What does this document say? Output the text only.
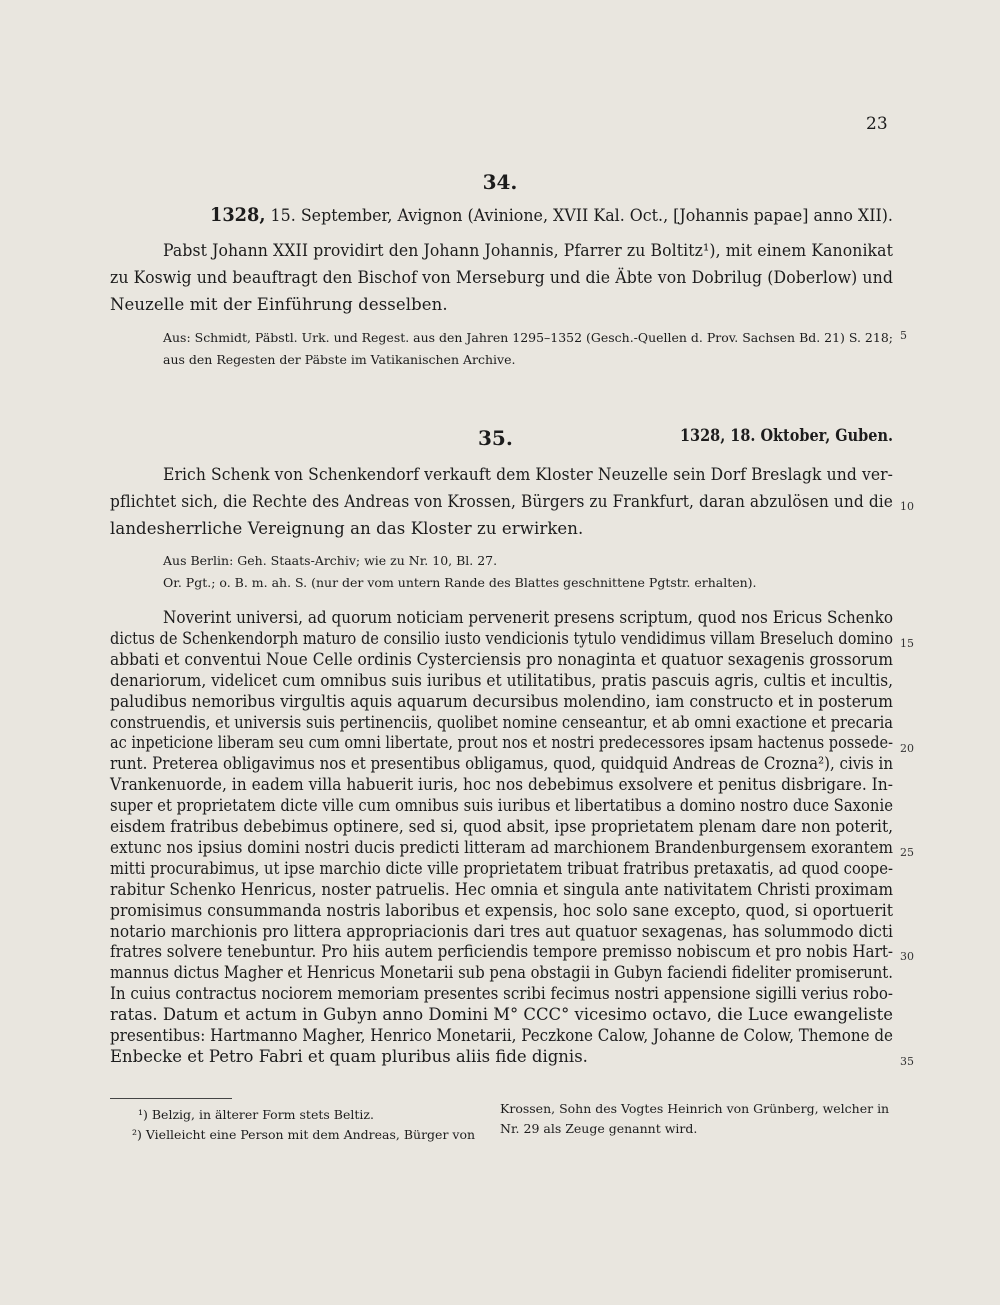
23
34.
1328, 15. September, Avignon (Avinione, XVII Kal. Oct., [Johannis papae] anno XII).
Pabst Johann XXII providirt den Johann Johannis, Pfarrer zu Boltitz¹), mit einem Kanonikat
zu Koswig und beauftragt den Bischof von Merseburg und die Äbte von Dobrilug (Doberlow) und
Neuzelle mit der Einführung desselben.
5
Aus: Schmidt, Päbstl. Urk. und Regest. aus den Jahren 1295–1352 (Gesch.-Quellen d. Prov. Sachsen Bd. 21) S. 218;
aus den Regesten der Päbste im Vatikanischen Archive.
35.	1328, 18. Oktober, Guben.
Erich Schenk von Schenkendorf verkauft dem Kloster Neuzelle sein Dorf Breslagk und ver-
pflichtet sich, die Rechte des Andreas von Krossen, Bürgers zu Frankfurt, daran abzulösen und die
landesherrliche Vereignung an das Kloster zu erwirken.
10
Aus Berlin: Geh. Staats-Archiv; wie zu Nr. 10, Bl. 27.
Or. Pgt.; o. B. m. ah. S. (nur der vom untern Rande des Blattes geschnittene Pgtstr. erhalten).
Noverint universi, ad quorum noticiam pervenerit presens scriptum, quod nos Ericus Schenko
dictus de Schenkendorph maturo de consilio iusto vendicionis tytulo vendidimus villam Breseluch domino
abbati et conventui Noue Celle ordinis Cysterciensis pro nonaginta et quatuor sexagenis grossorum
denariorum, videlicet cum omnibus suis iuribus et utilitatibus, pratis pascuis agris, cultis et incultis,
paludibus nemoribus virgultis aquis aquarum decursibus molendino, iam constructo et in posterum
construendis, et universis suis pertinenciis, quolibet nomine censeantur, et ab omni exactione et precaria
ac inpeticione liberam seu cum omni libertate, prout nos et nostri predecessores ipsam hactenus possede-
runt. Preterea obligavimus nos et presentibus obligamus, quod, quidquid Andreas de Crozna²), civis in
Vrankenuorde, in eadem villa habuerit iuris, hoc nos debebimus exsolvere et penitus disbrigare. In-
super et proprietatem dicte ville cum omnibus suis iuribus et libertatibus a domino nostro duce Saxonie
eisdem fratribus debebimus optinere, sed si, quod absit, ipse proprietatem plenam dare non poterit,
extunc nos ipsius domini nostri ducis predicti litteram ad marchionem Brandenburgensem exorantem
mitti procurabimus, ut ipse marchio dicte ville proprietatem tribuat fratribus pretaxatis, ad quod coope-
rabitur Schenko Henricus, noster patruelis. Hec omnia et singula ante nativitatem Christi proximam
promisimus consummanda nostris laboribus et expensis, hoc solo sane excepto, quod, si oportuerit
notario marchionis pro littera appropriacionis dari tres aut quatuor sexagenas, has solummodo dicti
fratres solvere tenebuntur. Pro hiis autem perficiendis tempore premisso nobiscum et pro nobis Hart-
mannus dictus Magher et Henricus Monetarii sub pena obstagii in Gubyn faciendi fideliter promiserunt.
In cuius contractus nociorem memoriam presentes scribi fecimus nostri appensione sigilli verius robo-
ratas. Datum et actum in Gubyn anno Domini M° CCC° vicesimo octavo, die Luce ewangeliste
presentibus: Hartmanno Magher, Henrico Monetarii, Peczkone Calow, Johanne de Colow, Themone de
Enbecke et Petro Fabri et quam pluribus aliis fide dignis.
15
20
25
30
35
¹) Belzig, in älterer Form stets Beltiz.
²) Vielleicht eine Person mit dem Andreas, Bürger von
Krossen, Sohn des Vogtes Heinrich von Grünberg, welcher in
Nr. 29 als Zeuge genannt wird.
